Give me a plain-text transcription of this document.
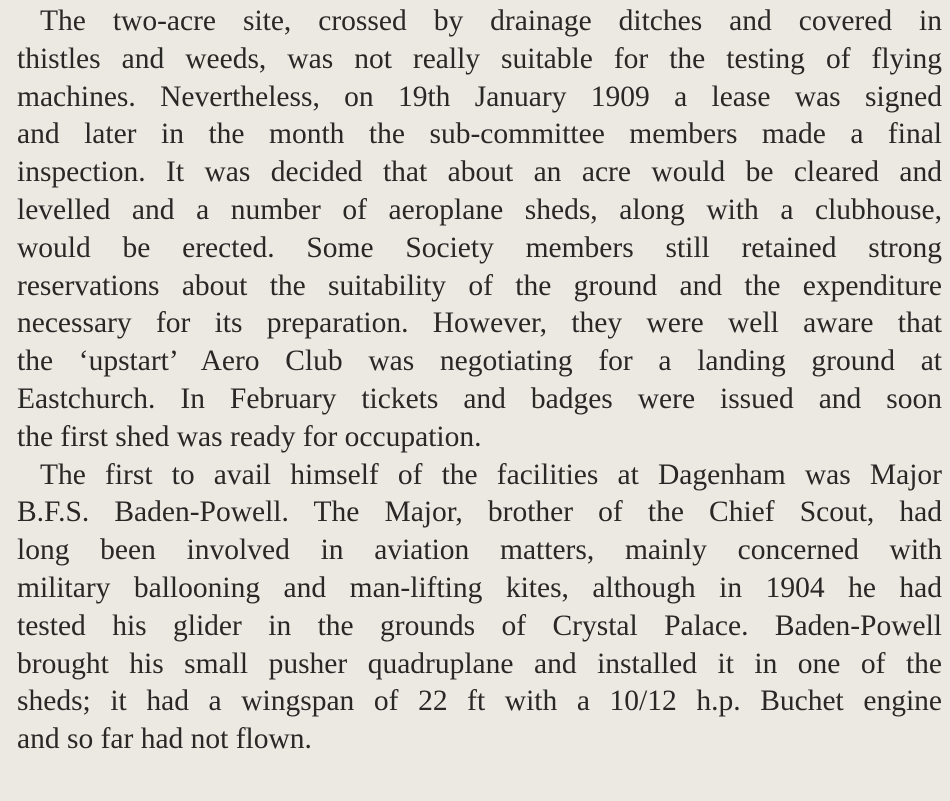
The two-acre site, crossed by drainage ditches and covered in
thistles and weeds, was not really suitable for the testing of flying
machines. Nevertheless, on 19th January 1909 a lease was signed
and later in the month the sub-committee members made a final
inspection. It was decided that about an acre would be cleared and
levelled and a number of aeroplane sheds, along with a clubhouse,
would be erected. Some Society members still retained strong
reservations about the suitability of the ground and the expenditure
necessary for its preparation. However, they were well aware that
the ‘upstart’ Aero Club was negotiating for a landing ground at
Eastchurch. In February tickets and badges were issued and soon
the first shed was ready for occupation.
The first to avail himself of the facilities at Dagenham was Major
B.F.S. Baden-Powell. The Major, brother of the Chief Scout, had
long been involved in aviation matters, mainly concerned with
military ballooning and man-lifting kites, although in 1904 he had
tested his glider in the grounds of Crystal Palace. Baden-Powell
brought his small pusher quadruplane and installed it in one of the
sheds; it had a wingspan of 22 ft with a 10/12 h.p. Buchet engine
and so far had not flown.
